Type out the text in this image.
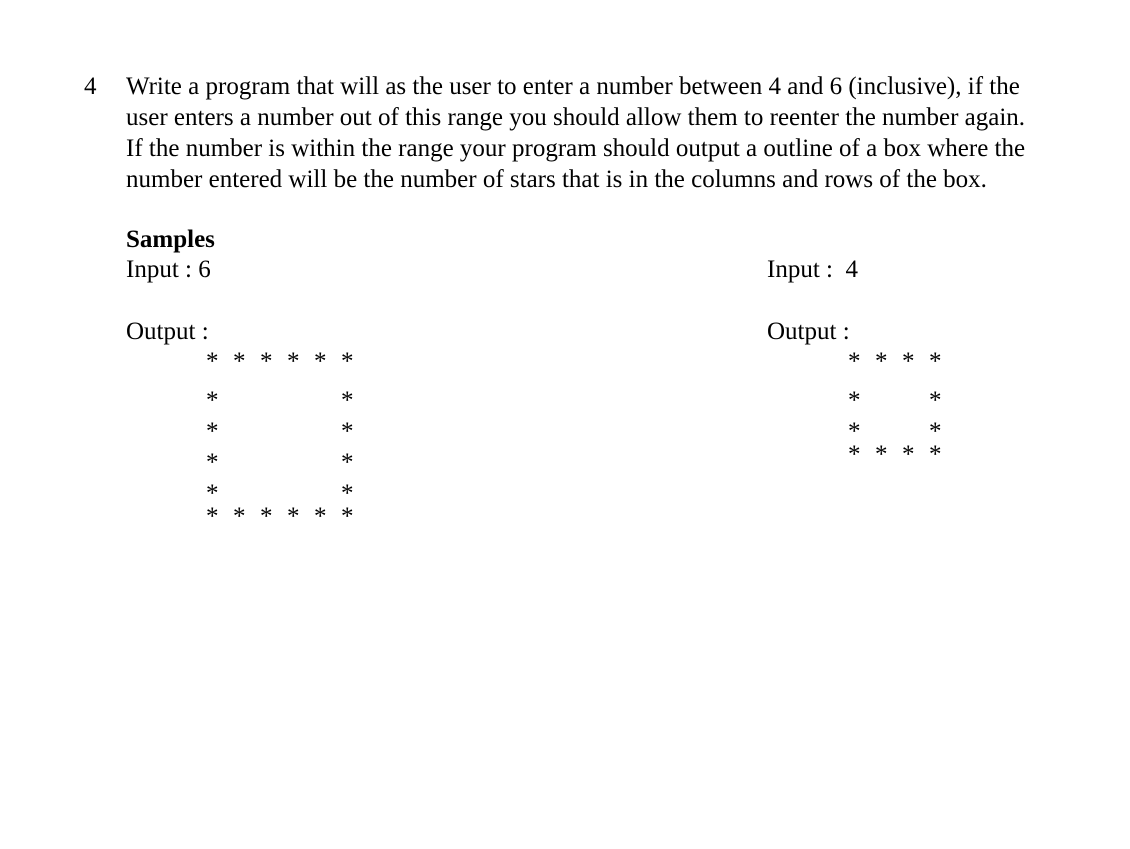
4 Write a program that will as the user to enter a number between 4 and 6 (inclusive), if the
user enters a number out of this range you should allow them to reenter the number again.
If the number is within the range your program should output a outline of a box where the
number entered will be the number of stars that is in the columns and rows of the box.
Samples
Input : 6
Output :
* * * * * *
*	*
*	*
*	*
*	*
* * * * * *
Input :  4
Output :
* * * *
*	*
*	*
* * * *
